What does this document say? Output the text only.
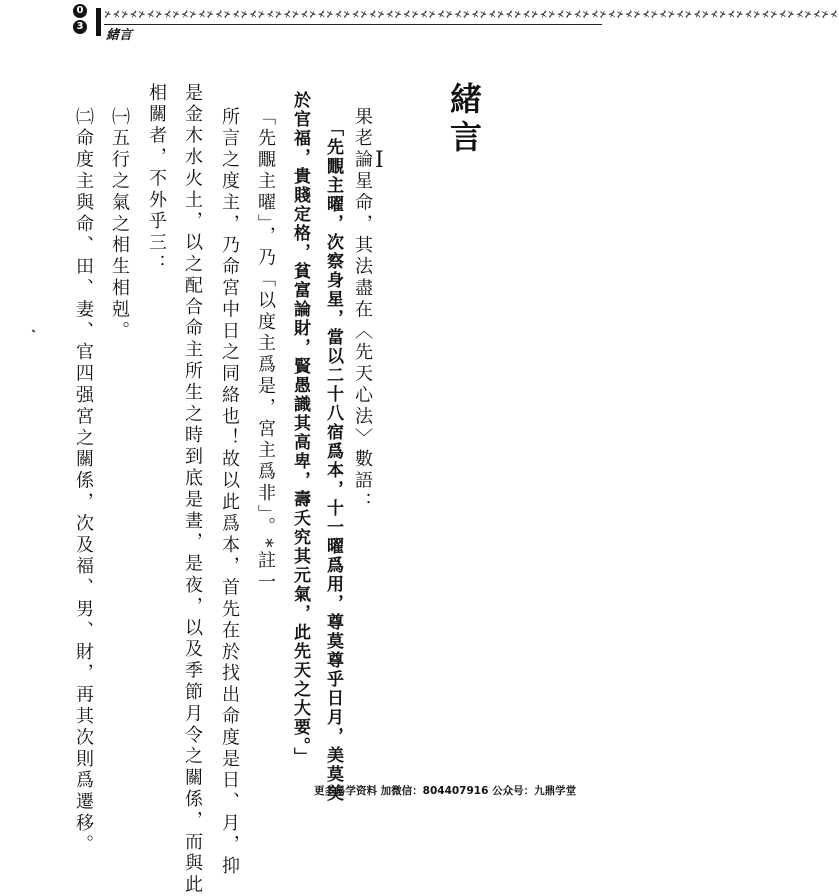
⊁⊀⊁⊀⊁⊀⊁⊀⊁⊀⊁⊀⊁⊀⊁⊀⊁⊀⊁⊀⊁⊀⊁⊀⊁⊀⊁⊀⊁⊀⊁⊀⊁⊀⊁⊀⊁⊀⊁⊀⊁⊀⊁⊀⊁⊀⊁⊀⊁⊀⊁⊀⊁⊀⊁⊀⊁⊀⊁⊀⊁⊀⊁⊀⊁⊀⊁⊀⊁⊀⊁⊀⊁⊀⊁⊀⊁⊀⊁⊀⊁⊀⊁⊀⊁⊀
0
3
緒言
緒言
I
果老論星命，其法盡在〈先天心法〉數語：
「先覵主曜，次察身星，當以二十八宿爲本，十一曜爲用，尊莫尊乎日月，美莫美
於官福，貴賤定格，貧富論財，賢愚識其高卑，壽夭究其元氣，此先天之大要。」
「先覵主曜」，乃「以度主爲是，宮主爲非」。*註一
所言之度主，乃命宮中日之同絡也！故以此爲本，首先在於找出命度是日、月，抑
是金木水火土，以之配合命主所生之時到底是晝，是夜，以及季節月令之關係，而與此
相關者，不外乎三：
㈠五行之氣之相生相剋。
㈡命度主與命、田、妻、官四强宮之關係，次及福、男、財，再其次則爲遷移。	更多易学资料 加微信：804407916 公众号：九鼎学堂
